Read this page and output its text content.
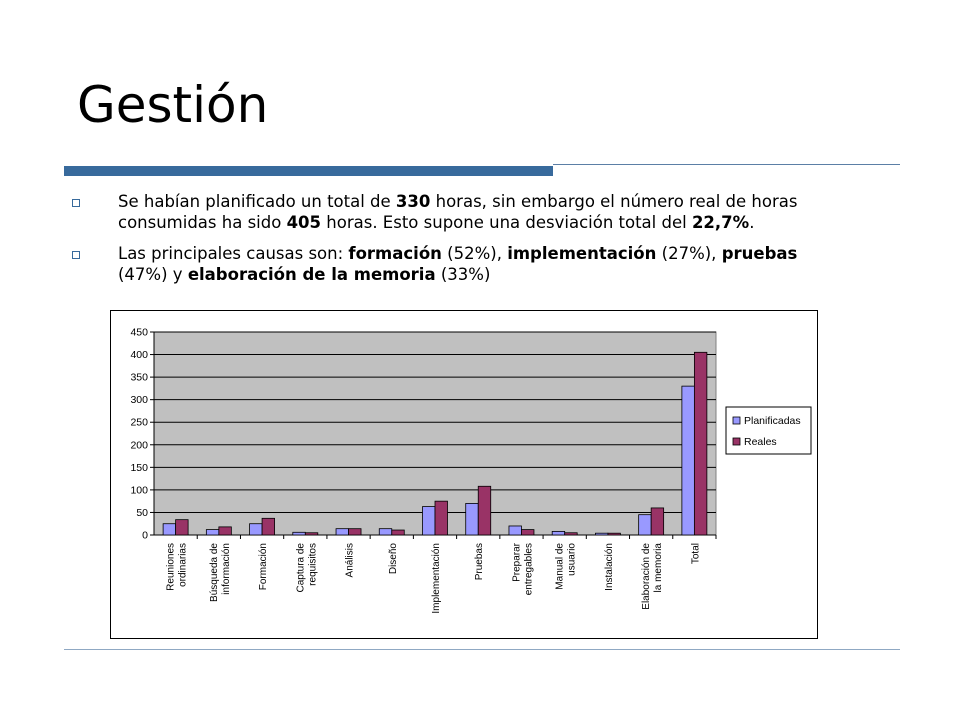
Gestión
Se habían planificado un total de 330 horas, sin embargo el número real de horas consumidas ha sido 405 horas. Esto supone una desviación total del 22,7%.
Las principales causas son: formación (52%), implementación (27%), pruebas (47%) y elaboración de la memoria (33%)
0
50
100
150
200
250
300
350
400
450
Reuniones ordinarias Búsqueda de información	Formación	Captura de requisitos	Análisis	Diseño	Implementación	Pruebas	Preparar entregables Manual de usuario	Instalación	Elaboración de la memoria	Total
Planificadas
Reales
